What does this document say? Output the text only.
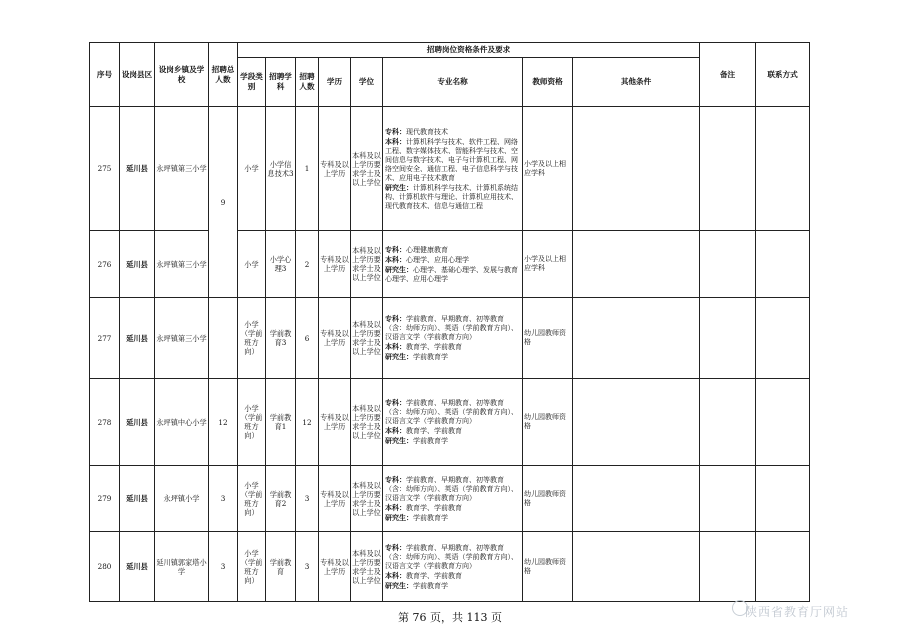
序号	设岗县区	设岗乡镇及学校	招聘总人数	招聘岗位资格条件及要求								备注	联系方式
				学段类别	招聘学科	招聘人数	学历	学位	专业名称	教师资格	其他条件		
275	延川县	永坪镇第三小学	9	小学	小学信息技术3	1	专科及以上学历	本科及以上学历要求学士及以上学位	专科：现代教育技术
本科：计算机科学与技术、软件工程、网络工程、数字媒体技术、智能科学与技术、空间信息与数字技术、电子与计算机工程、网络空间安全、通信工程、电子信息科学与技术、应用电子技术教育
研究生：计算机科学与技术、计算机系统结构、计算机软件与理论、计算机应用技术、现代教育技术、信息与通信工程	小学及以上相应学科			
276	延川县	永坪镇第三小学		小学	小学心理3	2	专科及以上学历	本科及以上学历要求学士及以上学位	专科：心理健康教育
本科：心理学、应用心理学
研究生：心理学、基础心理学、发展与教育心理学、应用心理学	小学及以上相应学科			
277	延川县	永坪镇第三小学		小学（学前班方向）	学前教育3	6	专科及以上学历	本科及以上学历要求学士及以上学位	专科：学前教育、早期教育、初等教育（含：幼师方向）、英语（学前教育方向）、汉语言文学（学前教育方向）
本科：教育学、学前教育
研究生：学前教育学	幼儿园教师资格			
278	延川县	永坪镇中心小学	12	小学（学前班方向）	学前教育1	12	专科及以上学历	本科及以上学历要求学士及以上学位	专科：学前教育、早期教育、初等教育（含：幼师方向）、英语（学前教育方向）、汉语言文学（学前教育方向）
本科：教育学、学前教育
研究生：学前教育学	幼儿园教师资格			
279	延川县	永坪镇小学	3	小学（学前班方向）	学前教育2	3	专科及以上学历	本科及以上学历要求学士及以上学位	专科：学前教育、早期教育、初等教育（含：幼师方向）、英语（学前教育方向）、汉语言文学（学前教育方向）
本科：教育学、学前教育
研究生：学前教育学	幼儿园教师资格			
280	延川县	延川镇郭家塔小学	3	小学（学前班方向）	学前教育	3	专科及以上学历	本科及以上学历要求学士及以上学位	专科：学前教育、早期教育、初等教育（含：幼师方向）、英语（学前教育方向）、汉语言文学（学前教育方向）
本科：教育学、学前教育
研究生：学前教育学	幼儿园教师资格			
第 76 页，共 113 页	陕西省教育厅网站
